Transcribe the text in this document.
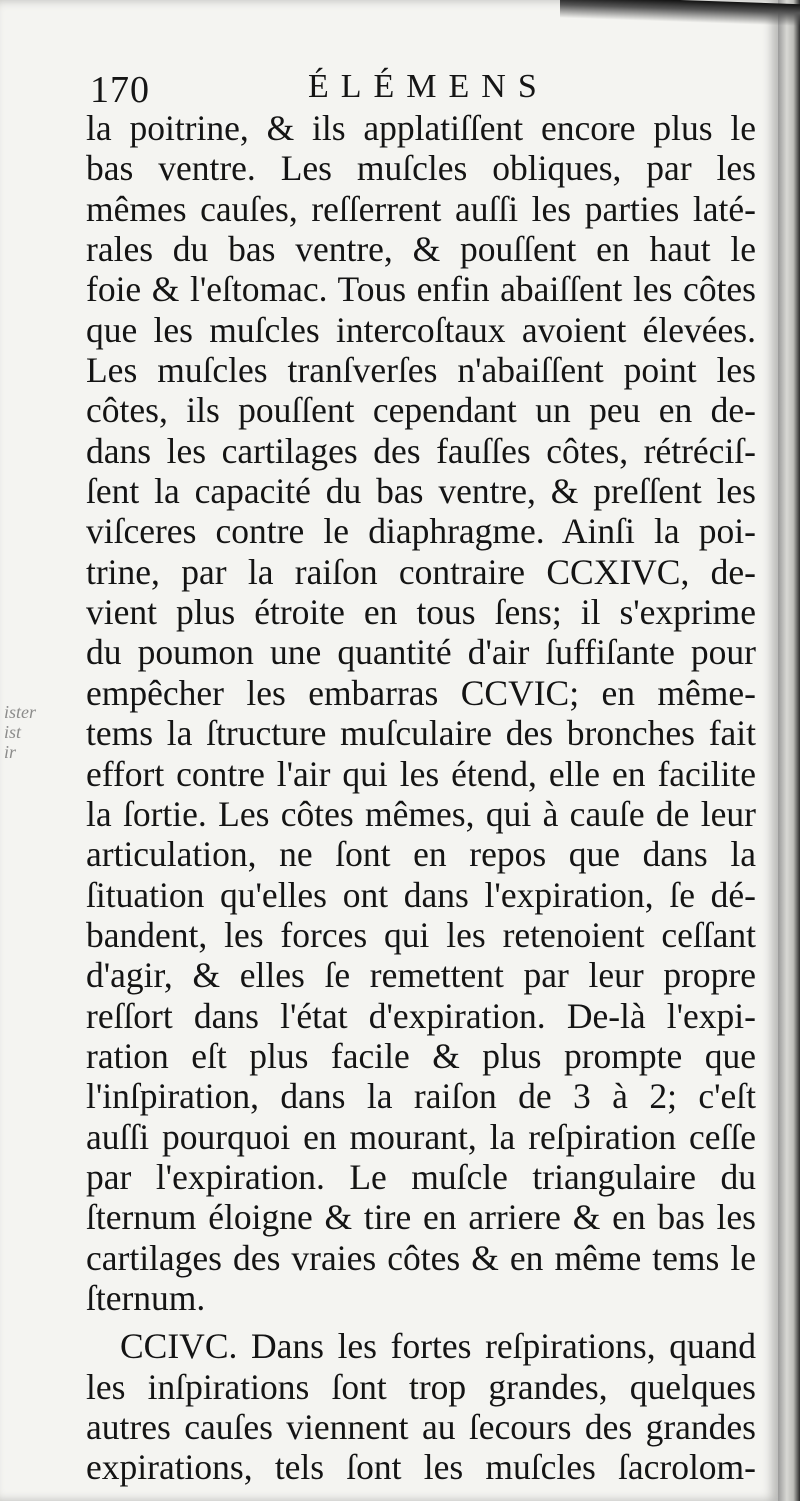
170	ÉLÉMENS
ister
ist
ir
la poitrine, & ils applatiſſent encore plus le
bas ventre. Les muſcles obliques, par les
mêmes cauſes, reſſerrent auſſi les parties laté-
rales du bas ventre, & pouſſent en haut le
foie & l'eſtomac. Tous enfin abaiſſent les côtes
que les muſcles intercoſtaux avoient élevées.
Les muſcles tranſverſes n'abaiſſent point les
côtes, ils pouſſent cependant un peu en de-
dans les cartilages des fauſſes côtes, rétréciſ-
ſent la capacité du bas ventre, & preſſent les
viſceres contre le diaphragme. Ainſi la poi-
trine, par la raiſon contraire CCXIVC, de-
vient plus étroite en tous ſens; il s'exprime
du poumon une quantité d'air ſuffiſante pour
empêcher les embarras CCVIC; en même-
tems la ſtructure muſculaire des bronches fait
effort contre l'air qui les étend, elle en facilite
la ſortie. Les côtes mêmes, qui à cauſe de leur
articulation, ne ſont en repos que dans la
ſituation qu'elles ont dans l'expiration, ſe dé-
bandent, les forces qui les retenoient ceſſant
d'agir, & elles ſe remettent par leur propre
reſſort dans l'état d'expiration. De-là l'expi-
ration eſt plus facile & plus prompte que
l'inſpiration, dans la raiſon de 3 à 2; c'eſt
auſſi pourquoi en mourant, la reſpiration ceſſe
par l'expiration. Le muſcle triangulaire du
ſternum éloigne & tire en arriere & en bas les
cartilages des vraies côtes & en même tems le
ſternum.
CCIVC. Dans les fortes reſpirations, quand
les inſpirations ſont trop grandes, quelques
autres cauſes viennent au ſecours des grandes
expirations, tels ſont les muſcles ſacrolom-
